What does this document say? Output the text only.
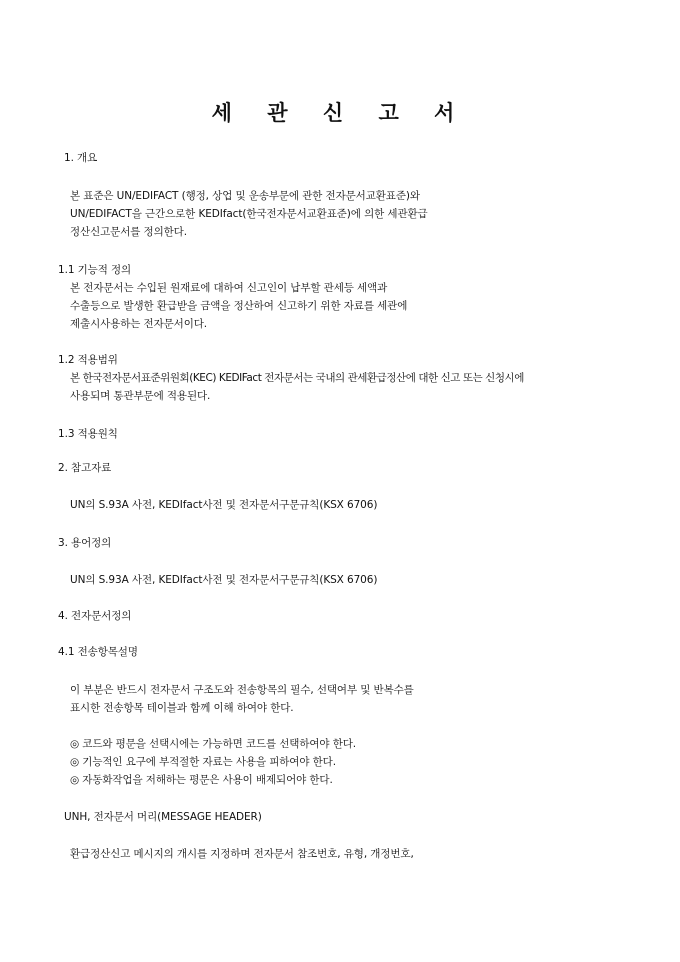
세 관 신 고 서
1. 개요
본 표준은 UN/EDIFACT (행정, 상업 및 운송부문에 관한 전자문서교환표준)와
UN/EDIFACT을 근간으로한 KEDIfact(한국전자문서교환표준)에 의한 세관환급
정산신고문서를 정의한다.
1.1 기능적 정의
본 전자문서는 수입된 원재료에 대하여 신고인이 납부할 관세등 세액과
수출등으로 발생한 환급받을 금액을 정산하여 신고하기 위한 자료를 세관에
제출시사용하는 전자문서이다.
1.2 적용범위
본 한국전자문서표준위원회(KEC) KEDIFact 전자문서는 국내의 관세환급정산에 대한 신고 또는 신청시에
사용되며 통관부문에 적용된다.
1.3 적용원칙
2. 참고자료
UN의 S.93A 사전, KEDIfact사전 및 전자문서구문규칙(KSX 6706)
3. 용어정의
UN의 S.93A 사전, KEDIfact사전 및 전자문서구문규칙(KSX 6706)
4. 전자문서정의
4.1 전송항목설명
이 부분은 반드시 전자문서 구조도와 전송항목의 필수, 선택여부 및 반복수를
표시한 전송항목 테이블과 함께 이해 하여야 한다.
◎ 코드와 평문을 선택시에는 가능하면 코드를 선택하여야 한다.
◎ 기능적인 요구에 부적절한 자료는 사용을 피하여야 한다.
◎ 자동화작업을 저해하는 평문은 사용이 배제되어야 한다.
UNH, 전자문서 머리(MESSAGE HEADER)
환급정산신고 메시지의 개시를 지정하며 전자문서 참조번호, 유형, 개정번호,
